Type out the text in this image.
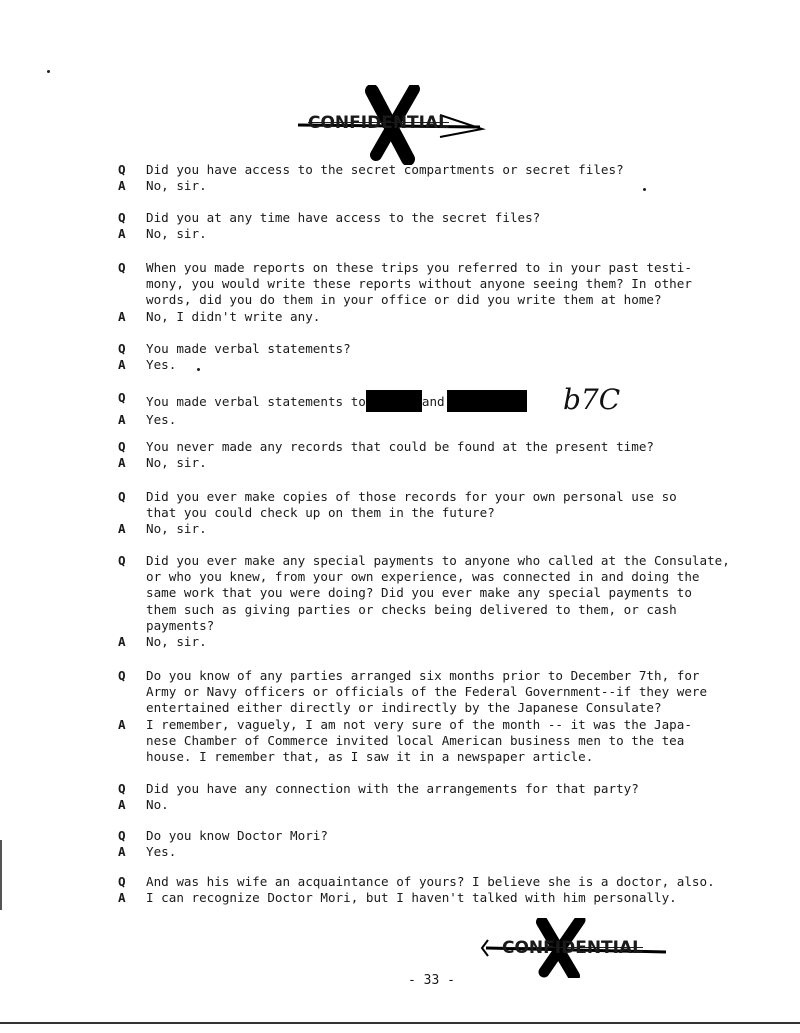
CONFIDENTIAL
Q	Did you have access to the secret compartments or secret files?
A	No, sir.
Q	Did you at any time have access to the secret files?
A	No, sir.
Q	When you made reports on these trips you referred to in your past testi-
mony, you would write these reports without anyone seeing them? In other
words, did you do them in your office or did you write them at home?
A	No, I didn't write any.
Q	You made verbal statements?
A	Yes.
Q	You made verbal statements to	and
A	Yes.
b7C
Q	You never made any records that could be found at the present time?
A	No, sir.
Q	Did you ever make copies of those records for your own personal use so
that you could check up on them in the future?
A	No, sir.
Q	Did you ever make any special payments to anyone who called at the Consulate,
or who you knew, from your own experience, was connected in and doing the
same work that you were doing? Did you ever make any special payments to
them such as giving parties or checks being delivered to them, or cash
payments?
A	No, sir.
Q	Do you know of any parties arranged six months prior to December 7th, for
Army or Navy officers or officials of the Federal Government--if they were
entertained either directly or indirectly by the Japanese Consulate?
A	I remember, vaguely, I am not very sure of the month -- it was the Japa-
nese Chamber of Commerce invited local American business men to the tea
house. I remember that, as I saw it in a newspaper article.
Q	Did you have any connection with the arrangements for that party?
A	No.
Q	Do you know Doctor Mori?
A	Yes.
Q	And was his wife an acquaintance of yours? I believe she is a doctor, also.
A	I can recognize Doctor Mori, but I haven't talked with him personally.
CONFIDENTIAL
- 33 -
